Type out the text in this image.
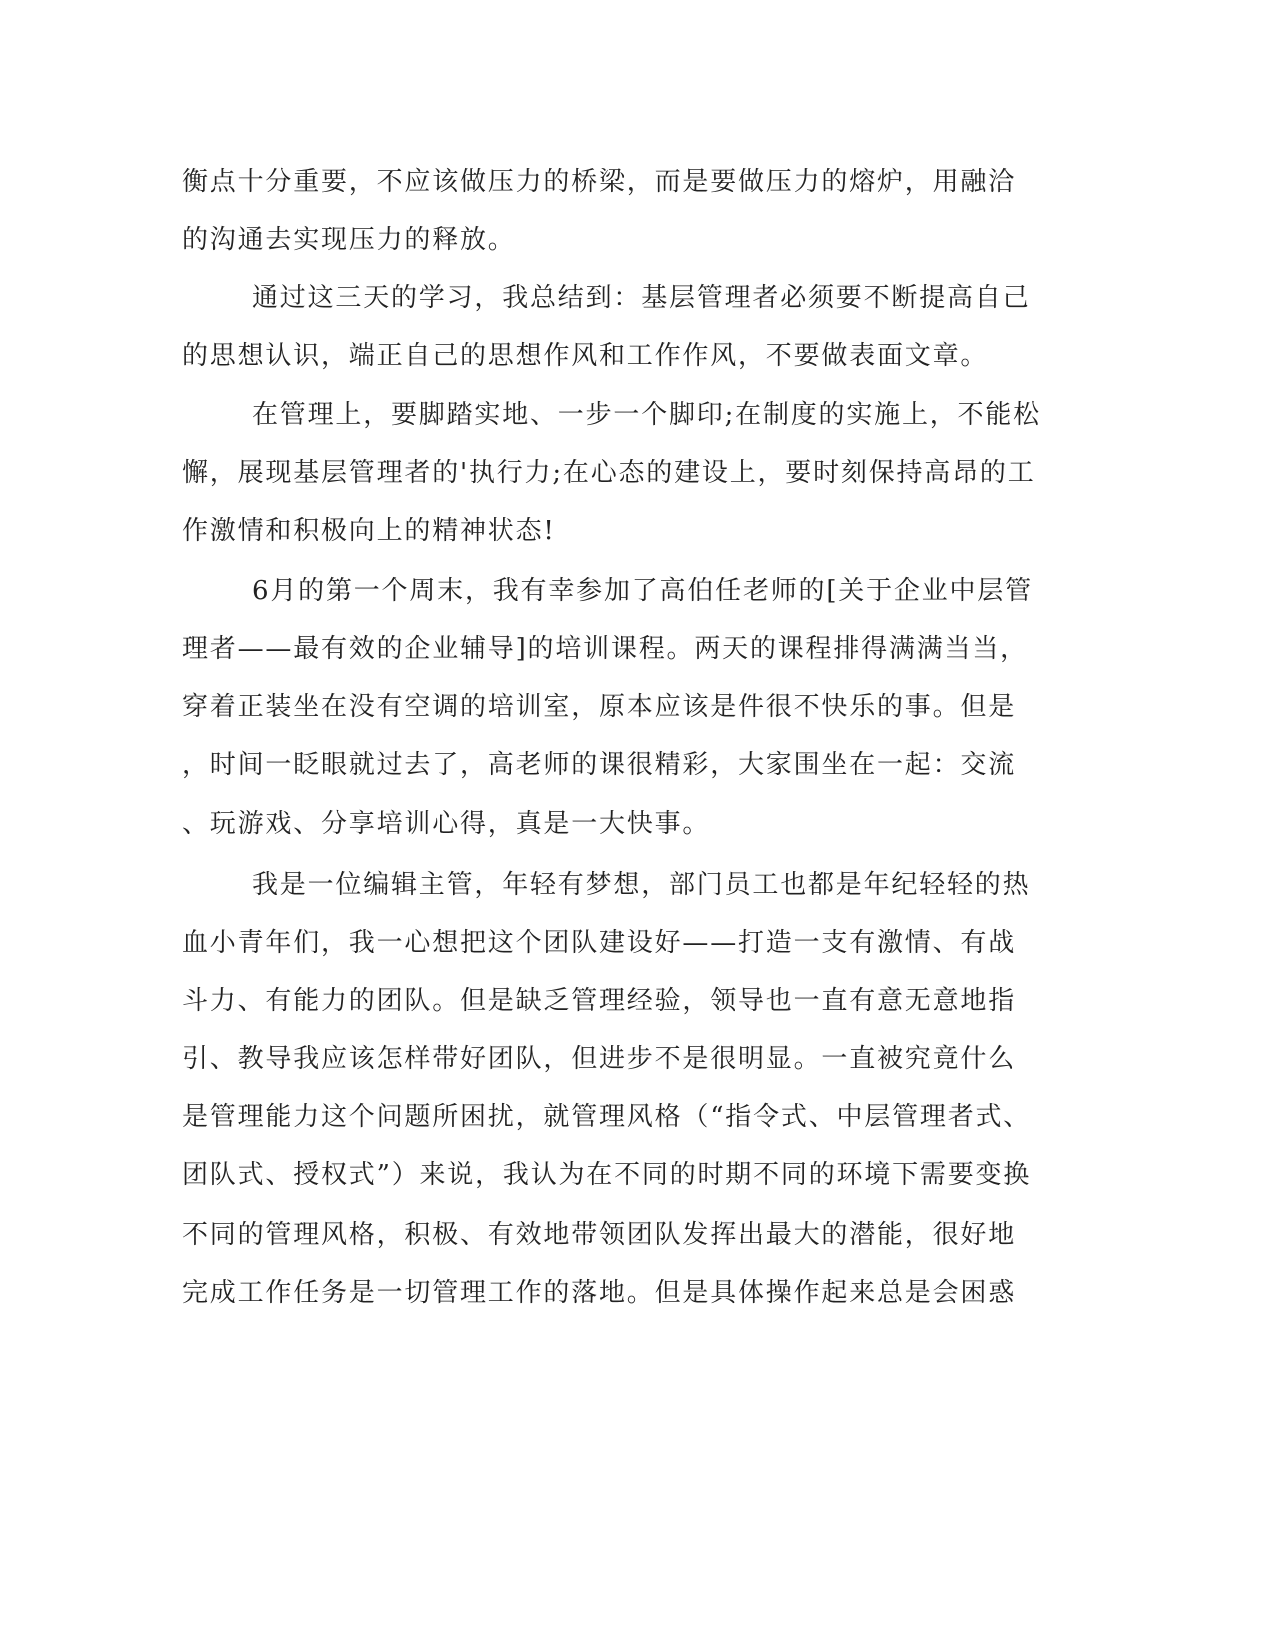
衡点十分重要，不应该做压力的桥梁，而是要做压力的熔炉，用融洽
的沟通去实现压力的释放。
通过这三天的学习，我总结到：基层管理者必须要不断提高自己
的思想认识，端正自己的思想作风和工作作风，不要做表面文章。
在管理上，要脚踏实地、一步一个脚印;在制度的实施上，不能松
懈，展现基层管理者的'执行力;在心态的建设上，要时刻保持高昂的工
作激情和积极向上的精神状态!
6月的第一个周末，我有幸参加了高伯任老师的[关于企业中层管
理者——最有效的企业辅导]的培训课程。两天的课程排得满满当当，
穿着正装坐在没有空调的培训室，原本应该是件很不快乐的事。但是
，时间一眨眼就过去了，高老师的课很精彩，大家围坐在一起：交流
、玩游戏、分享培训心得，真是一大快事。
我是一位编辑主管，年轻有梦想，部门员工也都是年纪轻轻的热
血小青年们，我一心想把这个团队建设好——打造一支有激情、有战
斗力、有能力的团队。但是缺乏管理经验，领导也一直有意无意地指
引、教导我应该怎样带好团队，但进步不是很明显。一直被究竟什么
是管理能力这个问题所困扰，就管理风格（“指令式、中层管理者式、
团队式、授权式”）来说，我认为在不同的时期不同的环境下需要变换
不同的管理风格，积极、有效地带领团队发挥出最大的潜能，很好地
完成工作任务是一切管理工作的落地。但是具体操作起来总是会困惑
